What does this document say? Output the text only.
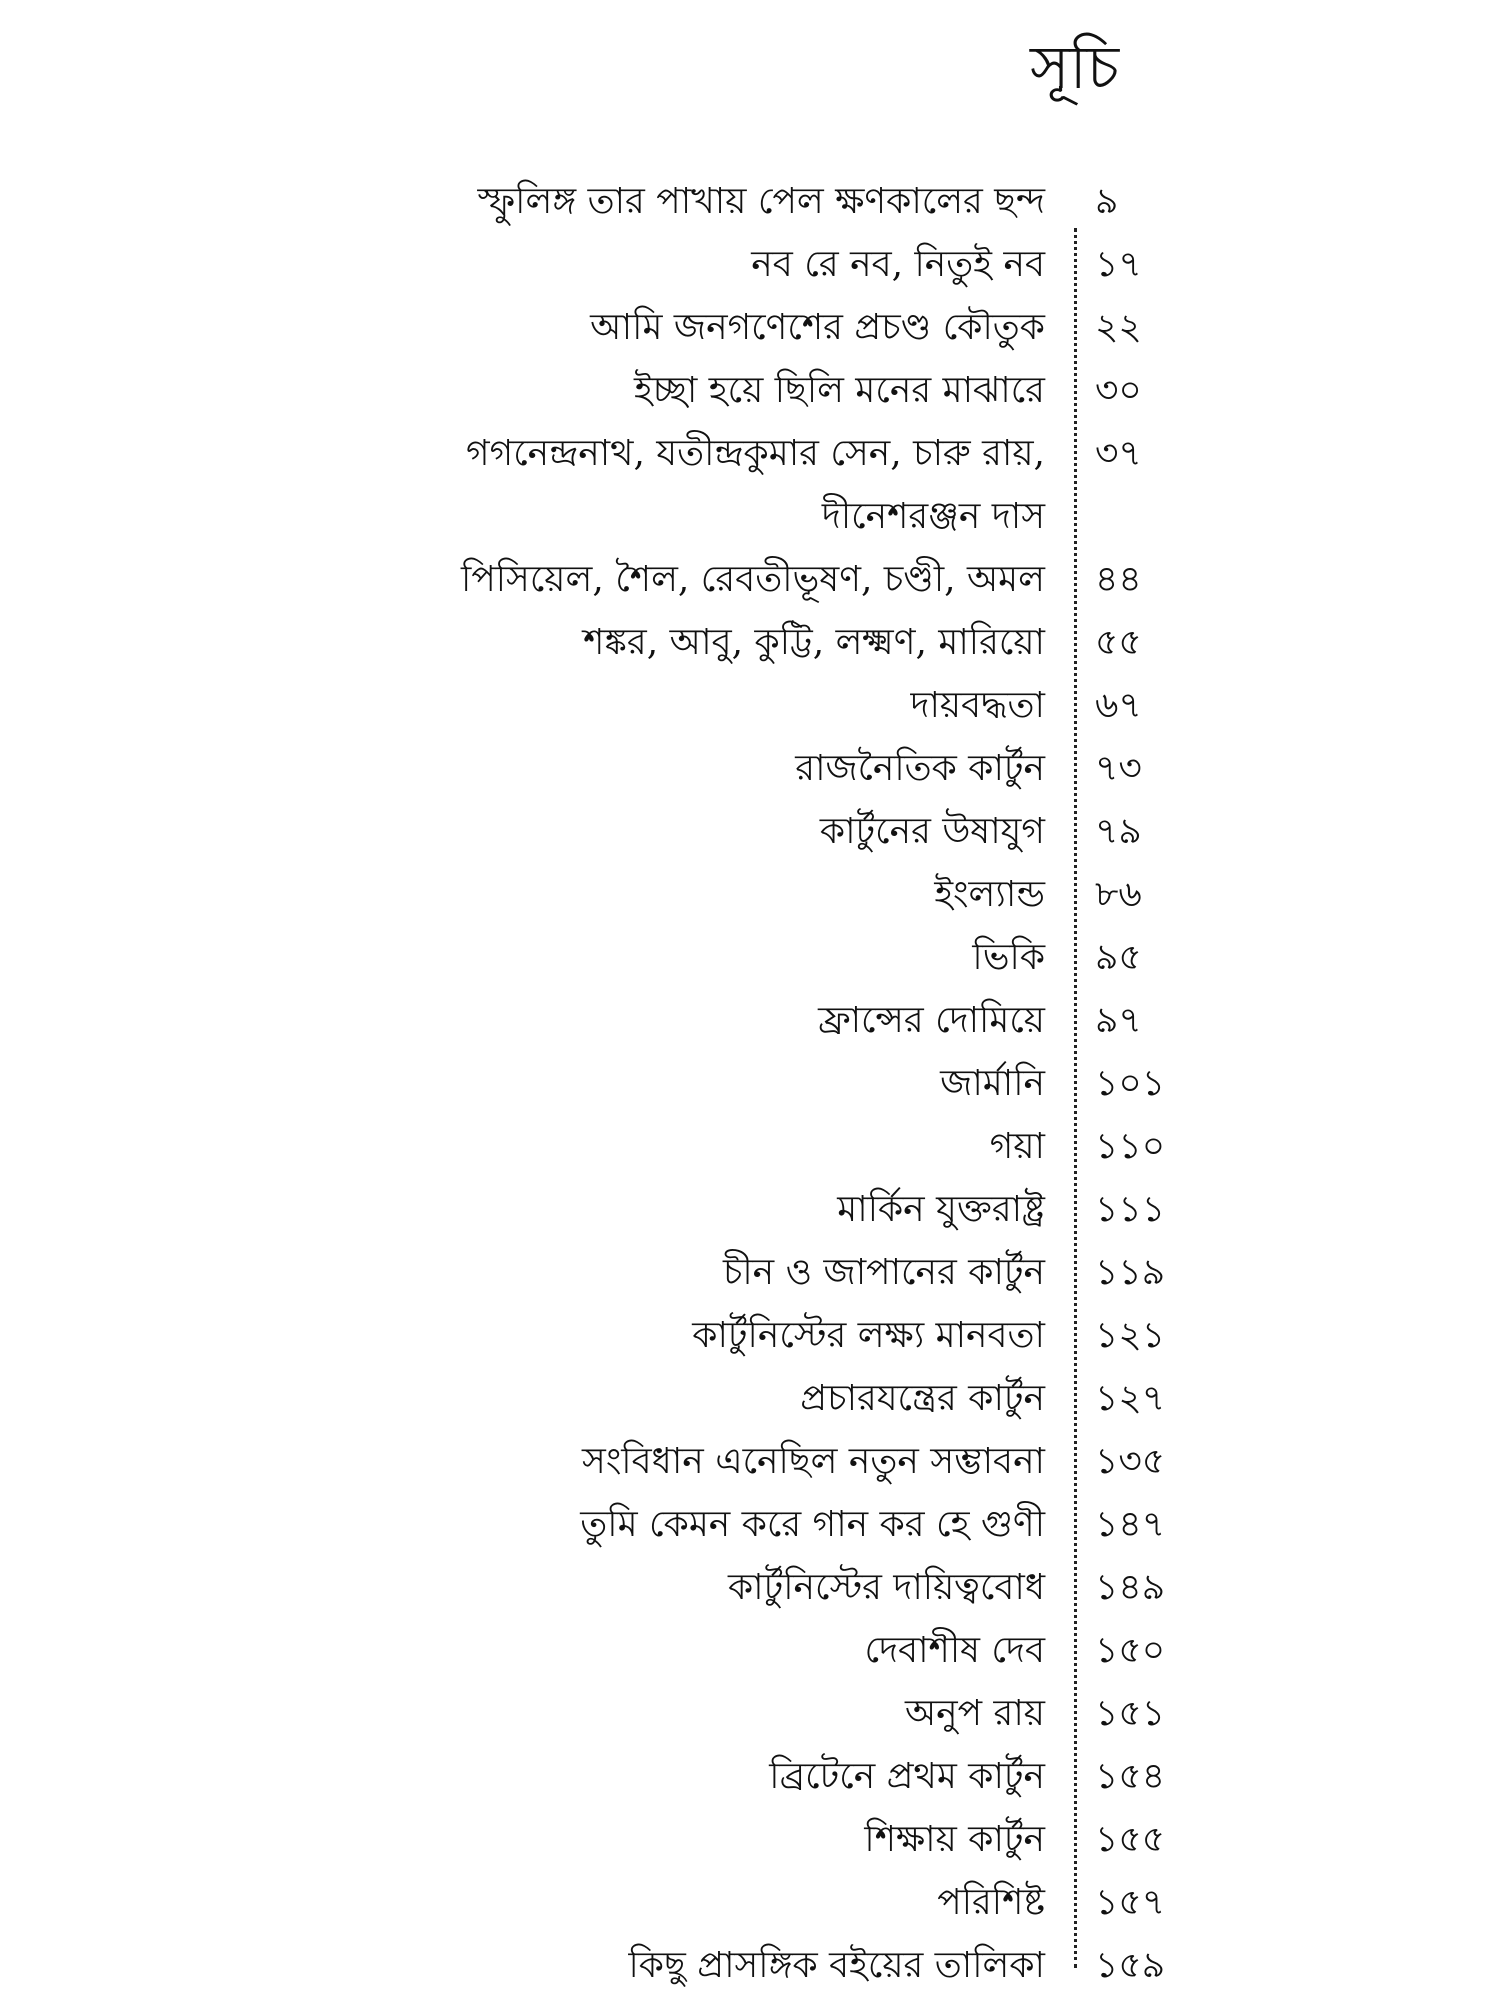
সূচি
স্ফুলিঙ্গ তার পাখায় পেল ক্ষণকালের ছন্দ ৯
নব রে নব, নিতুই নব ১৭
আমি জনগণেশের প্রচণ্ড কৌতুক ২২
ইচ্ছা হয়ে ছিলি মনের মাঝারে ৩০
গগনেন্দ্রনাথ, যতীন্দ্রকুমার সেন, চারু রায়,
দীনেশরঞ্জন দাস
৩৭
পিসিয়েল, শৈল, রেবতীভূষণ, চণ্ডী, অমল ৪৪
শঙ্কর, আবু, কুট্টি, লক্ষ্মণ, মারিয়ো ৫৫
দায়বদ্ধতা ৬৭
রাজনৈতিক কার্টুন ৭৩
কার্টুনের উষাযুগ ৭৯
ইংল্যান্ড ৮৬
ভিকি ৯৫
ফ্রান্সের দোমিয়ে ৯৭
জার্মানি ১০১
গয়া ১১০
মার্কিন যুক্তরাষ্ট্র ১১১
চীন ও জাপানের কার্টুন ১১৯
কার্টুনিস্টের লক্ষ্য মানবতা ১২১
প্রচারযন্ত্রের কার্টুন ১২৭
সংবিধান এনেছিল নতুন সম্ভাবনা ১৩৫
তুমি কেমন করে গান কর হে গুণী ১৪৭
কার্টুনিস্টের দায়িত্ববোধ ১৪৯
দেবাশীষ দেব ১৫০
অনুপ রায় ১৫১
ব্রিটেনে প্রথম কার্টুন ১৫৪
শিক্ষায় কার্টুন ১৫৫
পরিশিষ্ট ১৫৭
কিছু প্রাসঙ্গিক বইয়ের তালিকা ১৫৯
